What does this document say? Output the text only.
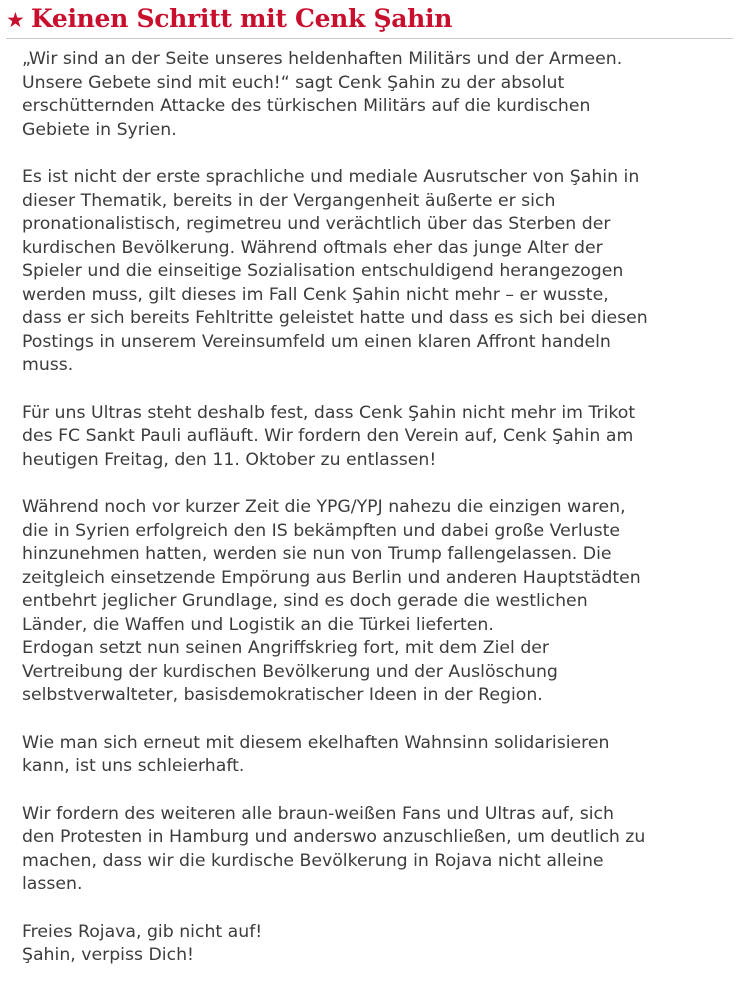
★ Keinen Schritt mit Cenk Şahin

„Wir sind an der Seite unseres heldenhaften Militärs und der Armeen.
Unsere Gebete sind mit euch!“ sagt Cenk Şahin zu der absolut
erschütternden Attacke des türkischen Militärs auf die kurdischen
Gebiete in Syrien.

Es ist nicht der erste sprachliche und mediale Ausrutscher von Şahin in
dieser Thematik, bereits in der Vergangenheit äußerte er sich
pronationalistisch, regimetreu und verächtlich über das Sterben der
kurdischen Bevölkerung. Während oftmals eher das junge Alter der
Spieler und die einseitige Sozialisation entschuldigend herangezogen
werden muss, gilt dieses im Fall Cenk Şahin nicht mehr – er wusste,
dass er sich bereits Fehltritte geleistet hatte und dass es sich bei diesen
Postings in unserem Vereinsumfeld um einen klaren Affront handeln
muss.

Für uns Ultras steht deshalb fest, dass Cenk Şahin nicht mehr im Trikot
des FC Sankt Pauli aufläuft. Wir fordern den Verein auf, Cenk Şahin am
heutigen Freitag, den 11. Oktober zu entlassen!

Während noch vor kurzer Zeit die YPG/YPJ nahezu die einzigen waren,
die in Syrien erfolgreich den IS bekämpften und dabei große Verluste
hinzunehmen hatten, werden sie nun von Trump fallengelassen. Die
zeitgleich einsetzende Empörung aus Berlin und anderen Hauptstädten
entbehrt jeglicher Grundlage, sind es doch gerade die westlichen
Länder, die Waffen und Logistik an die Türkei lieferten.
Erdogan setzt nun seinen Angriffskrieg fort, mit dem Ziel der
Vertreibung der kurdischen Bevölkerung und der Auslöschung
selbstverwalteter, basisdemokratischer Ideen in der Region.

Wie man sich erneut mit diesem ekelhaften Wahnsinn solidarisieren
kann, ist uns schleierhaft.

Wir fordern des weiteren alle braun-weißen Fans und Ultras auf, sich
den Protesten in Hamburg und anderswo anzuschließen, um deutlich zu
machen, dass wir die kurdische Bevölkerung in Rojava nicht alleine
lassen.

Freies Rojava, gib nicht auf!
Şahin, verpiss Dich!
